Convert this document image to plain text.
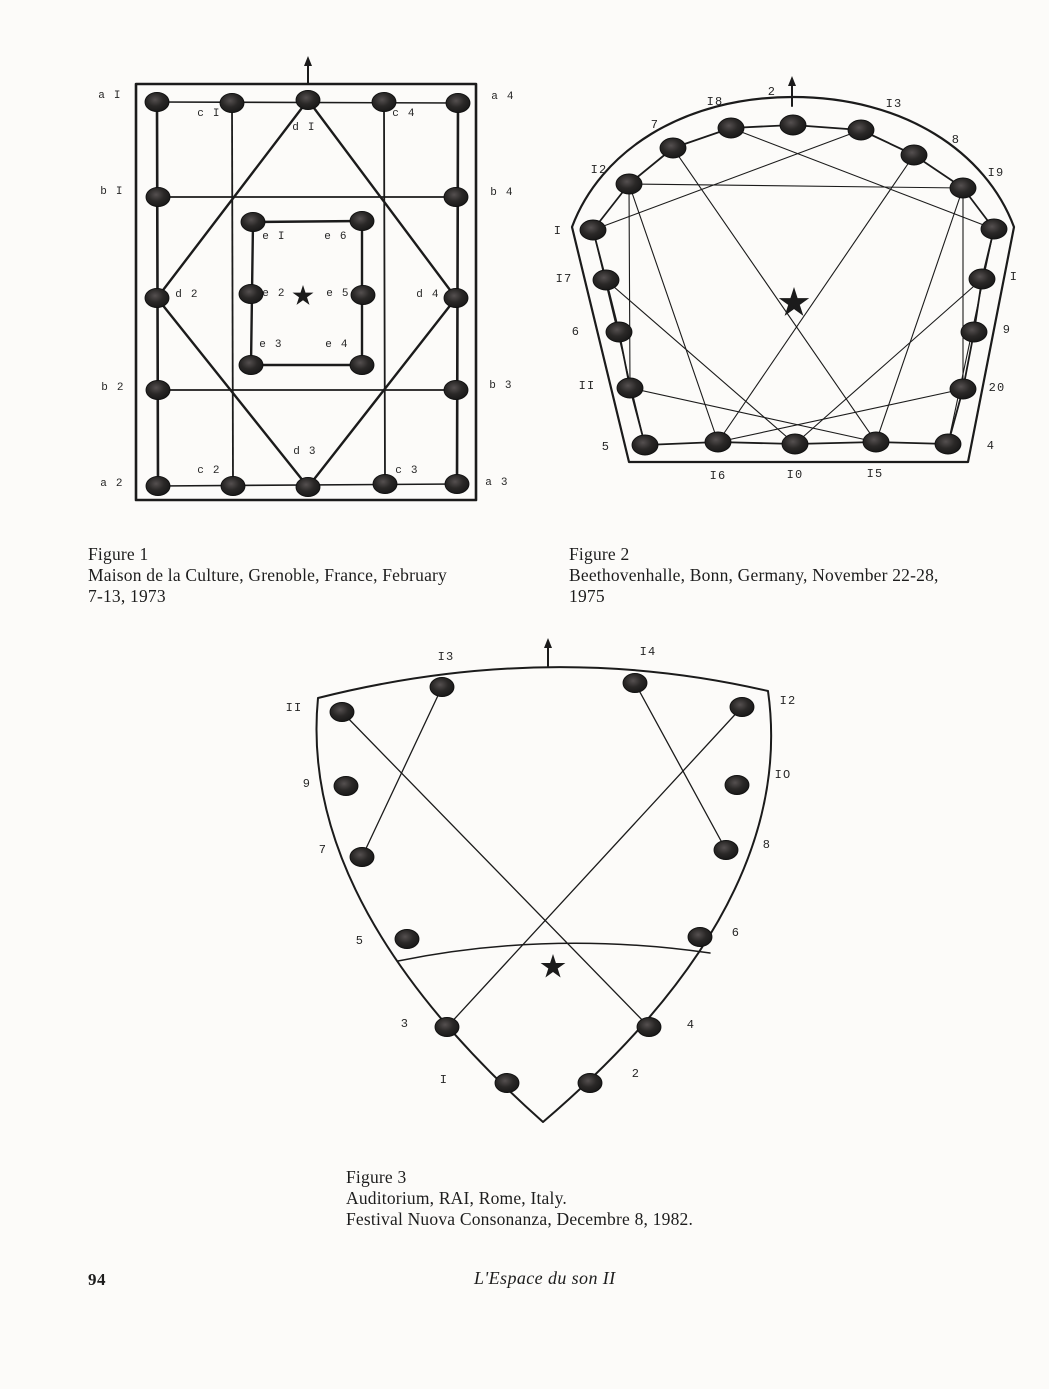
a I
c I
d I
c 4
a 4
b I	b 4
d 2	d 4
b 2	b 3
a 2
c 2
d 3
c 3
a 3
e I	e 6
e 2	e 5
e 3	e 4
2
I3
8
I9
I
9
20
4
I5
I0
I6
5
II
6
I7
I
I2
7
I8
I3	I4
II	I2
9
IO
7	8
5
6
3	4
I	2
Figure 1
Maison de la Culture, Grenoble, France, February
7-13, 1973
Figure 2
Beethovenhalle, Bonn, Germany, November 22-28,
1975
Figure 3
Auditorium, RAI, Rome, Italy.
Festival Nuova Consonanza, Decembre 8, 1982.
94	L'Espace du son II
